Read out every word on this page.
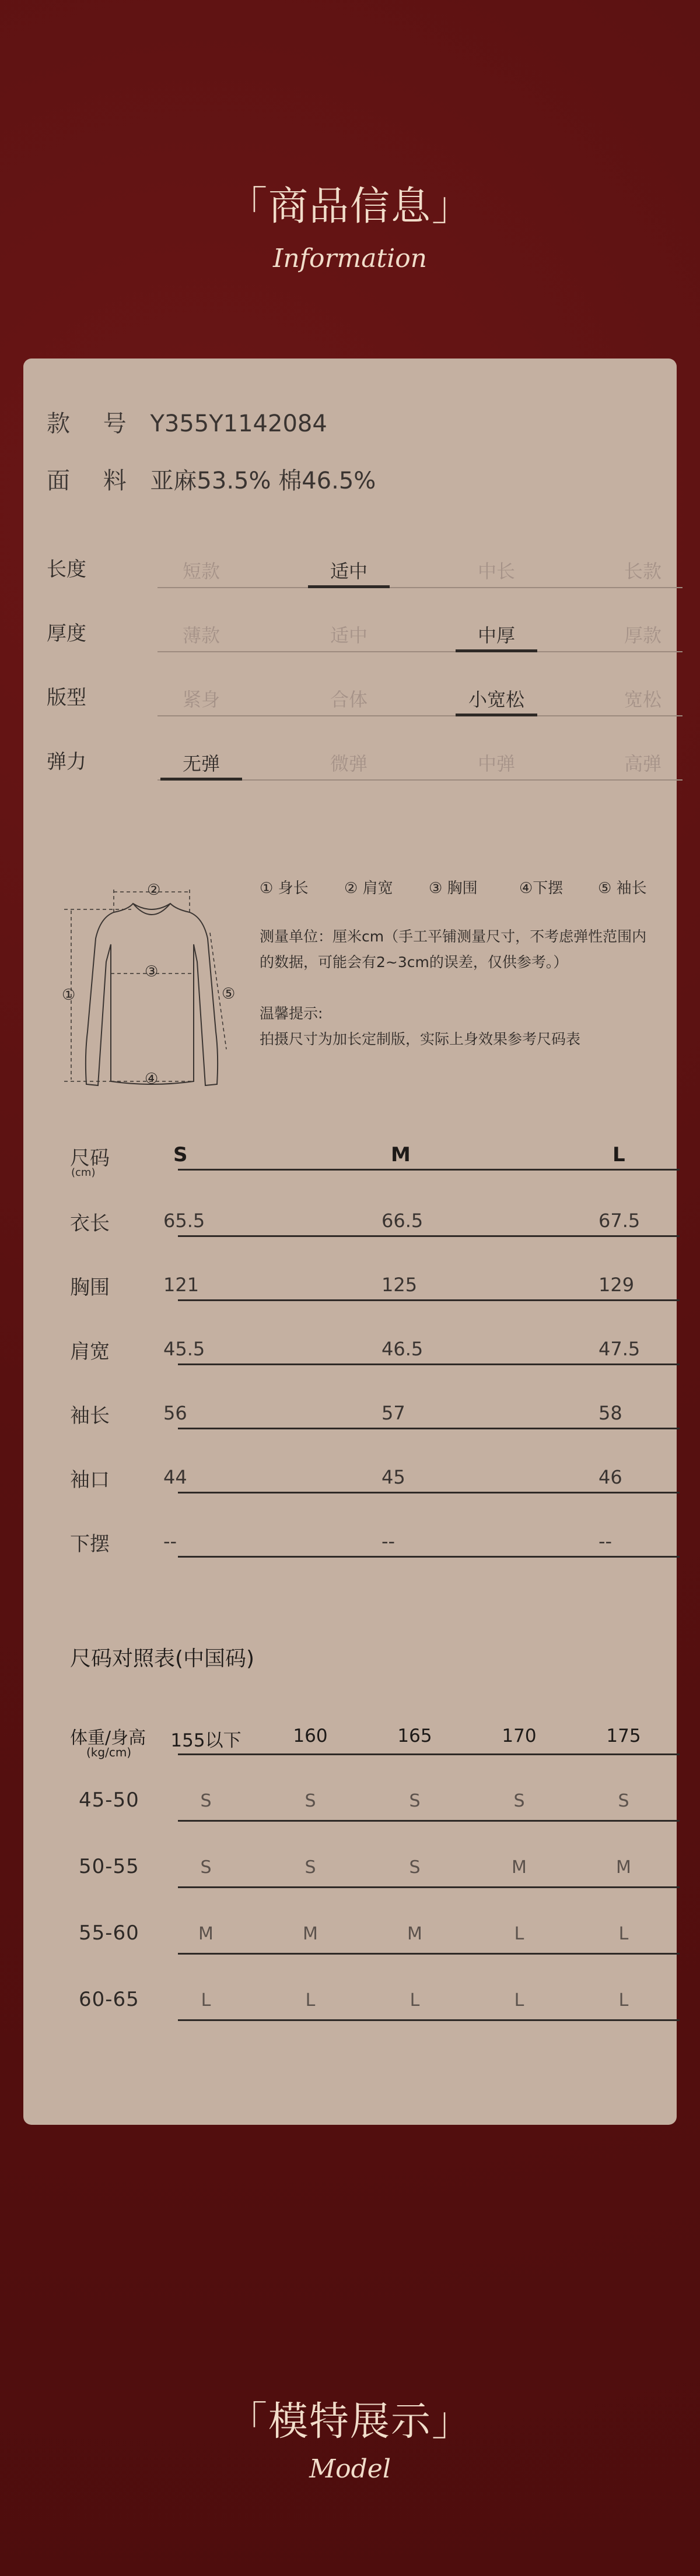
「商品信息」
Information
款 号 Y355Y1142084
面 料 亚麻53.5% 棉46.5%
长度	短款	适中	中长	长款
厚度	薄款	适中	中厚	厚款
版型	紧身	合体	小宽松	宽松
弹力	无弹	微弹	中弹	高弹
②
①
③
④
⑤
① 身长 ② 肩宽 ③ 胸围	④下摆 ⑤ 袖长
测量单位：厘米cm（手工平铺测量尺寸，不考虑弹性范围内
的数据，可能会有2~3cm的误差，仅供参考。）
温馨提示:
拍摄尺寸为加长定制版，实际上身效果参考尺码表
尺码
(cm)
S	M	L
衣长	65.5	66.5	67.5
胸围	121	125	129
肩宽	45.5	46.5	47.5
袖长	56	57	58
袖口	44	45	46
下摆	--	--	--
尺码对照表(中国码)
体重/身高
(kg/cm)
155以下	160	165	170	175
45-50	S	S	S	S	S
50-55	S	S	S	M	M
55-60	M	M	M	L	L
60-65	L	L	L	L	L
「模特展示」
Model
